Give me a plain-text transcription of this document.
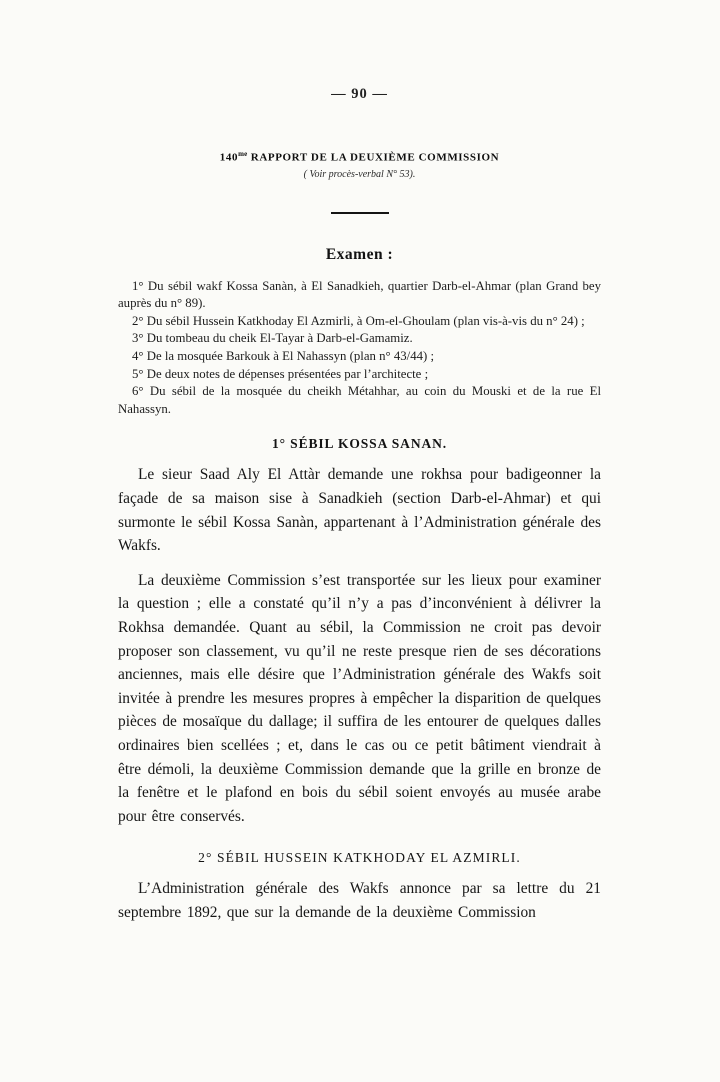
— 90 —
$140^{me}$ RAPPORT DE LA DEUXIÈME COMMISSION
( Voir procès-verbal N° 53).
Examen :

1° Du sébil wakf Kossa Sanàn, à El Sanadkieh, quartier Darb-el-Ahmar (plan Grand bey auprès du n° 89).

2° Du sébil Hussein Katkhoday El Azmirli, à Om-el-Ghoulam (plan vis-à-vis du n° 24) ;

3° Du tombeau du cheik El-Tayar à Darb-el-Gamamiz.

4° De la mosquée Barkouk à El Nahassyn (plan n° 43/44) ;

5° De deux notes de dépenses présentées par l’architecte ;

6° Du sébil de la mosquée du cheikh Métahhar, au coin du Mouski et de la rue El Nahassyn.

1° SÉBIL KOSSA SANAN.

Le sieur Saad Aly El Attàr demande une rokhsa pour badigeonner la façade de sa maison sise à Sanadkieh (section Darb-el-Ahmar) et qui surmonte le sébil Kossa Sanàn, appartenant à l’Administration générale des Wakfs.

La deuxième Commission s’est transportée sur les lieux pour examiner la question ; elle a constaté qu’il n’y a pas d’inconvénient à délivrer la Rokhsa demandée. Quant au sébil, la Commission ne croit pas devoir proposer son classement, vu qu’il ne reste presque rien de ses décorations anciennes, mais elle désire que l’Administration générale des Wakfs soit invitée à prendre les mesures propres à empêcher la disparition de quelques pièces de mosaïque du dallage; il suffira de les entourer de quelques dalles ordinaires bien scellées ; et, dans le cas ou ce petit bâtiment viendrait à être démoli, la deuxième Commission demande que la grille en bronze de la fenêtre et le plafond en bois du sébil soient envoyés au musée arabe pour être conservés.

2° SÉBIL HUSSEIN KATKHODAY EL AZMIRLI.

L’Administration générale des Wakfs annonce par sa lettre du 21 septembre 1892, que sur la demande de la deuxième Commission
